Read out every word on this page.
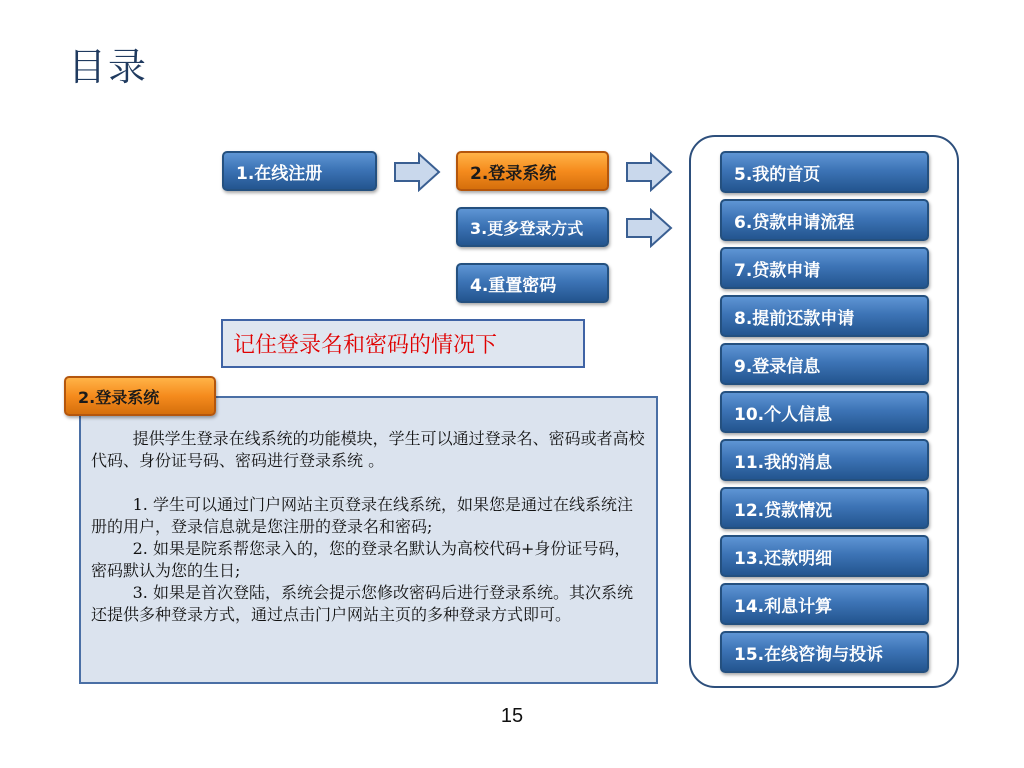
目录
1.在线注册	2.登录系统
3.更多登录方式
4.重置密码
记住登录名和密码的情况下
5.我的首页
6.贷款申请流程
7.贷款申请
8.提前还款申请
9.登录信息
10.个人信息
11.我的消息
12.贷款情况
13.还款明细
14.利息计算
15.在线咨询与投诉

提供学生登录在线系统的功能模块，学生可以通过登录名、密码或者高校代码、身份证号码、密码进行登录系统 。

1. 学生可以通过门户网站主页登录在线系统，如果您是通过在线系统注册的用户，登录信息就是您注册的登录名和密码;

2. 如果是院系帮您录入的，您的登录名默认为高校代码+身份证号码，密码默认为您的生日;

3. 如果是首次登陆，系统会提示您修改密码后进行登录系统。其次系统还提供多种登录方式，通过点击门户网站主页的多种登录方式即可。

2.登录系统
15
